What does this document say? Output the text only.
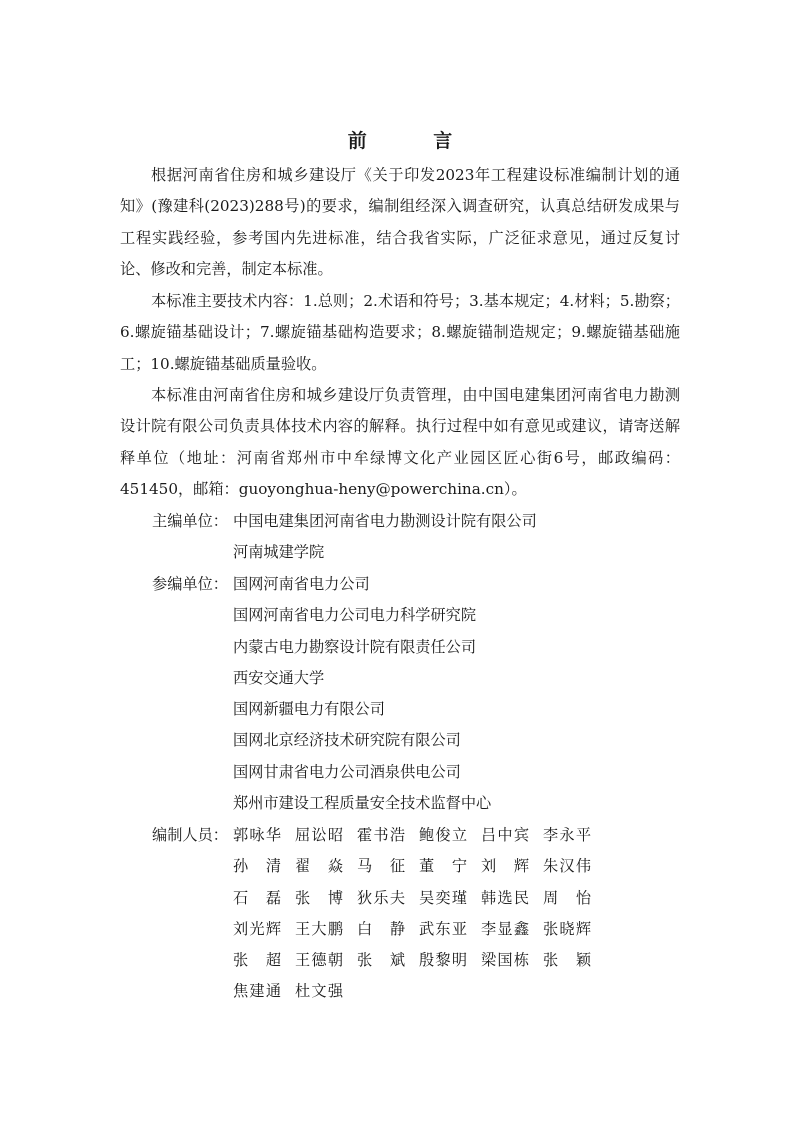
前 言

根据河南省住房和城乡建设厅《关于印发2023年工程建设标准编制计划的通知》(豫建科(2023)288号)的要求，编制组经深入调查研究，认真总结研发成果与工程实践经验，参考国内先进标准，结合我省实际，广泛征求意见，通过反复讨论、修改和完善，制定本标准。

本标准主要技术内容：1.总则；2.术语和符号；3.基本规定；4.材料；5.勘察；6.螺旋锚基础设计；7.螺旋锚基础构造要求；8.螺旋锚制造规定；9.螺旋锚基础施工；10.螺旋锚基础质量验收。

本标准由河南省住房和城乡建设厅负责管理，由中国电建集团河南省电力勘测设计院有限公司负责具体技术内容的解释。执行过程中如有意见或建议，请寄送解释单位（地址：河南省郑州市中牟绿博文化产业园区匠心街6号，邮政编码：451450，邮箱：guoyonghua-heny@powerchina.cn）。

主编单位： 中国电建集团河南省电力勘测设计院有限公司
河南城建学院
参编单位： 国网河南省电力公司
国网河南省电力公司电力科学研究院
内蒙古电力勘察设计院有限责任公司
西安交通大学
国网新疆电力有限公司
国网北京经济技术研究院有限公司
国网甘肃省电力公司酒泉供电公司
郑州市建设工程质量安全技术监督中心
编制人员： 郭咏华 屈讼昭 霍书浩 鲍俊立 吕中宾 李永平
孙清 翟焱 马征 董宁 刘辉 朱汉伟
石磊 张博 狄乐夫 吴奕瑾 韩选民 周怡
刘光辉 王大鹏 白静 武东亚 李显鑫 张晓辉
张超 王德朝 张斌 殷黎明 梁国栋 张颖
焦建通 杜文强
